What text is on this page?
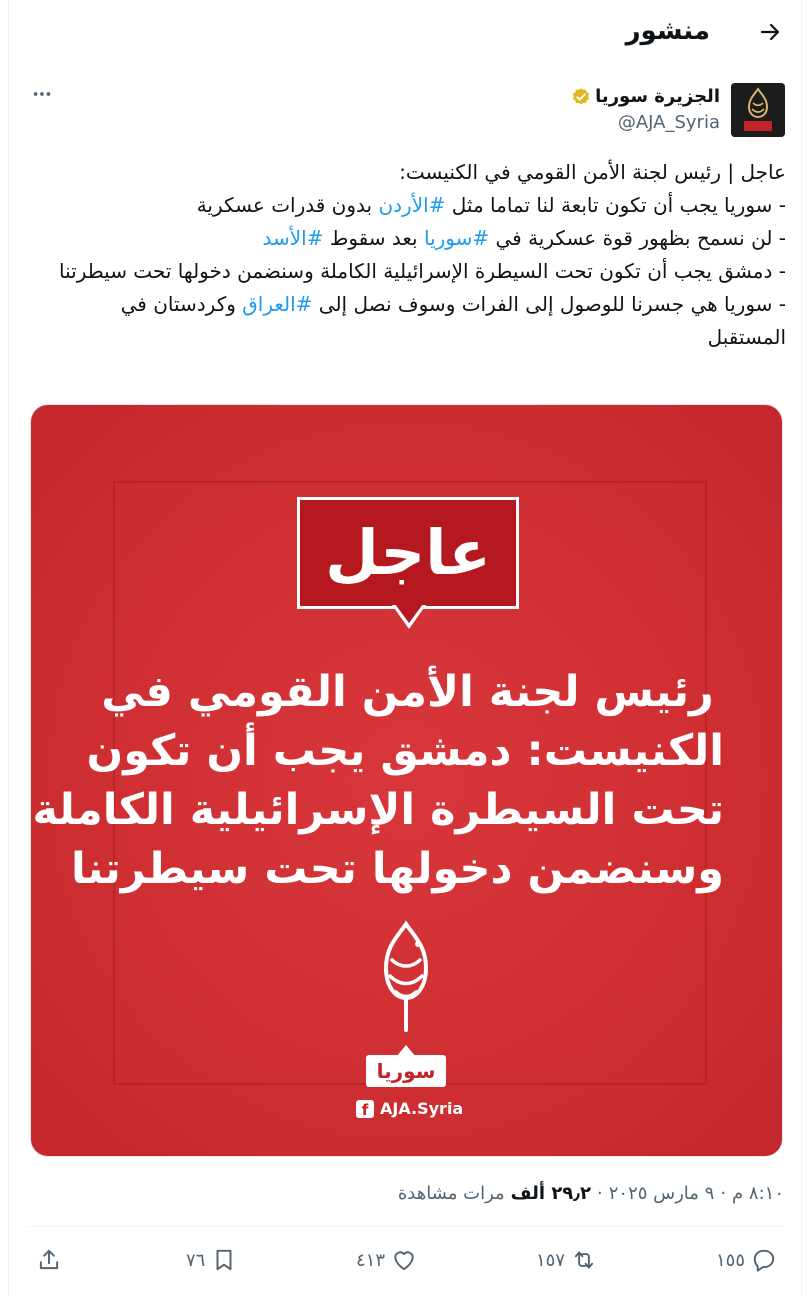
منشور
الجزيرة سوريا
@AJA_Syria

عاجل | رئيس لجنة الأمن القومي في الكنيست:

- سوريا يجب أن تكون تابعة لنا تماما مثل #الأردن بدون قدرات عسكرية

- لن نسمح بظهور قوة عسكرية في #سوريا بعد سقوط #الأسد

- دمشق يجب أن تكون تحت السيطرة الإسرائيلية الكاملة وسنضمن دخولها تحت سيطرتنا

- سوريا هي جسرنا للوصول إلى الفرات وسوف نصل إلى #العراق وكردستان في المستقبل

عاجل
رئيس لجنة الأمن القومي في
الكنيست: دمشق يجب أن تكون
تحت السيطرة الإسرائيلية الكاملة
وسنضمن دخولها تحت سيطرتنا
سوريا
f AJA.Syria
٨:١٠ م
·
٩ مارس ٢٠٢٥
·
٢٩٫٢ ألف
مرات مشاهدة
١٥٥
١٥٧
٤١٣
٧٦
